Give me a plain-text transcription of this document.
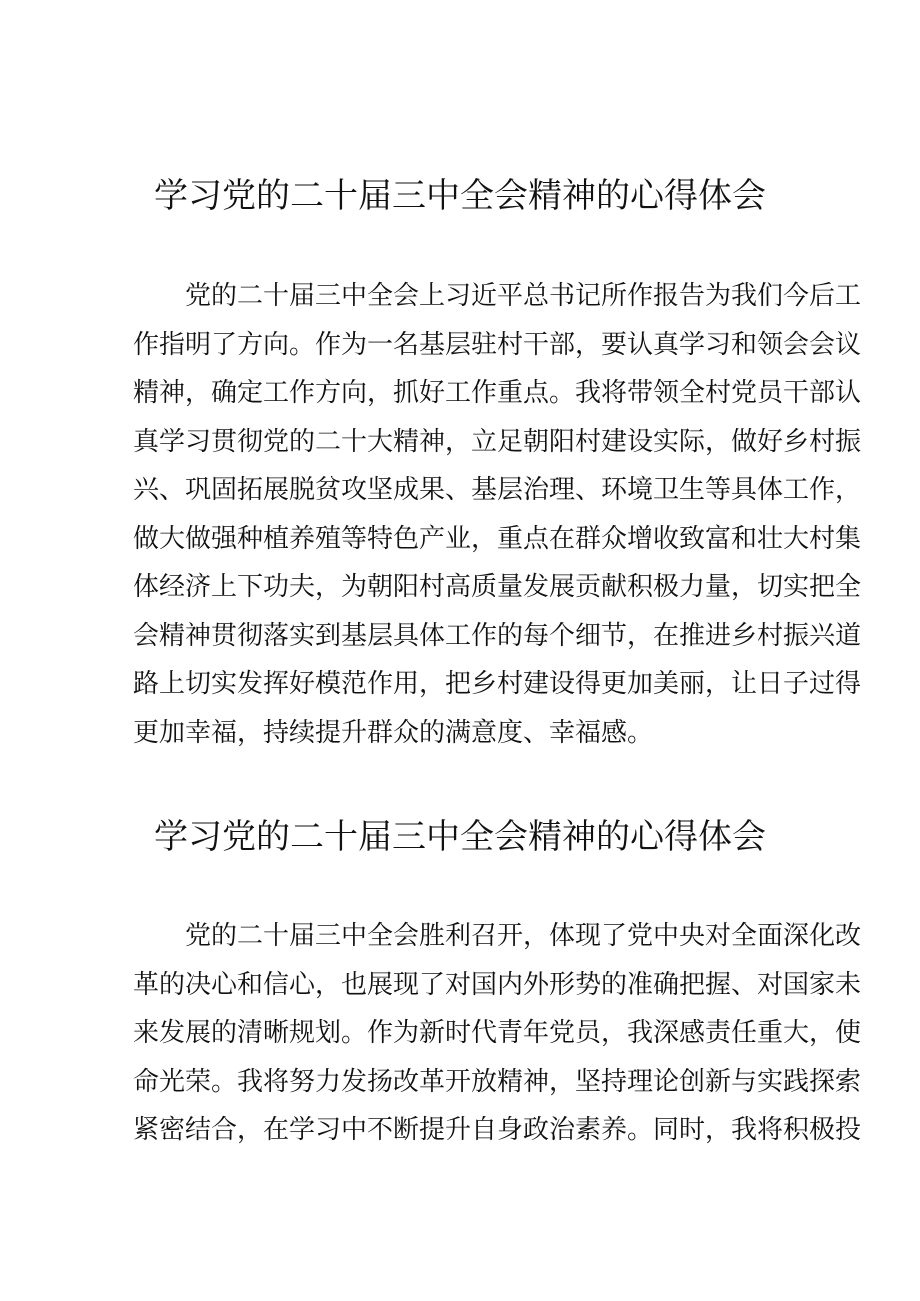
学习党的二十届三中全会精神的心得体会
党的二十届三中全会上习近平总书记所作报告为我们今后工
作指明了方向。作为一名基层驻村干部，要认真学习和领会会议
精神，确定工作方向，抓好工作重点。我将带领全村党员干部认
真学习贯彻党的二十大精神，立足朝阳村建设实际，做好乡村振
兴、巩固拓展脱贫攻坚成果、基层治理、环境卫生等具体工作，
做大做强种植养殖等特色产业，重点在群众增收致富和壮大村集
体经济上下功夫，为朝阳村高质量发展贡献积极力量，切实把全
会精神贯彻落实到基层具体工作的每个细节，在推进乡村振兴道
路上切实发挥好模范作用，把乡村建设得更加美丽，让日子过得
更加幸福，持续提升群众的满意度、幸福感。
学习党的二十届三中全会精神的心得体会
党的二十届三中全会胜利召开，体现了党中央对全面深化改
革的决心和信心，也展现了对国内外形势的准确把握、对国家未
来发展的清晰规划。作为新时代青年党员，我深感责任重大，使
命光荣。我将努力发扬改革开放精神，坚持理论创新与实践探索
紧密结合，在学习中不断提升自身政治素养。同时，我将积极投
